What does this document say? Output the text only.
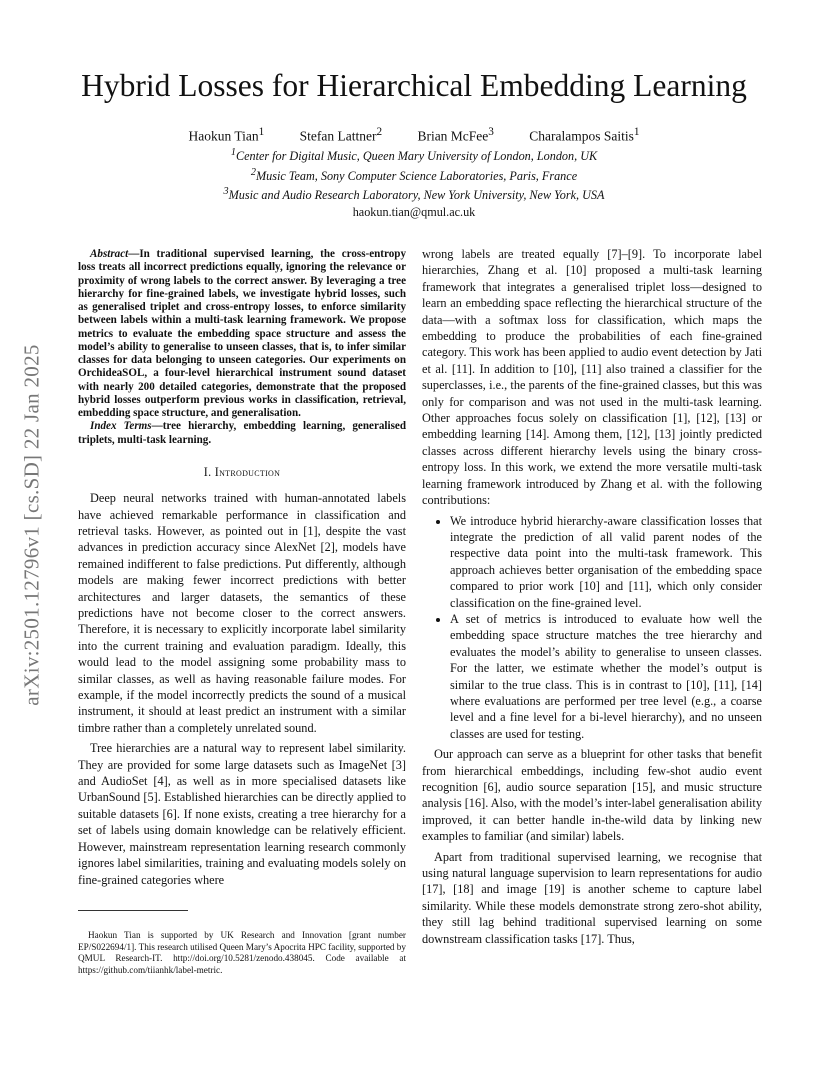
arXiv:2501.12796v1 [cs.SD] 22 Jan 2025
Hybrid Losses for Hierarchical Embedding Learning
Haokun Tian$^1$	Stefan Lattner$^2$	Brian McFee$^3$	Charalampos Saitis$^1$
$^1$Center for Digital Music, Queen Mary University of London, London, UK
$^2$Music Team, Sony Computer Science Laboratories, Paris, France
$^3$Music and Audio Research Laboratory, New York University, New York, USA
haokun.tian@qmul.ac.uk

Abstract—In traditional supervised learning, the cross-entropy loss treats all incorrect predictions equally, ignoring the relevance or proximity of wrong labels to the correct answer. By leveraging a tree hierarchy for fine-grained labels, we investigate hybrid losses, such as generalised triplet and cross-entropy losses, to enforce similarity between labels within a multi-task learning framework. We propose metrics to evaluate the embedding space structure and assess the model’s ability to generalise to unseen classes, that is, to infer similar classes for data belonging to unseen categories. Our experiments on OrchideaSOL, a four-level hierarchical instrument sound dataset with nearly 200 detailed categories, demonstrate that the proposed hybrid losses outperform previous works in classification, retrieval, embedding space structure, and generalisation.

Index Terms—tree hierarchy, embedding learning, generalised triplets, multi-task learning.

I. Introduction

Deep neural networks trained with human-annotated labels have achieved remarkable performance in classification and retrieval tasks. However, as pointed out in [1], despite the vast advances in prediction accuracy since AlexNet [2], models have remained indifferent to false predictions. Put differently, although models are making fewer incorrect predictions with better architectures and larger datasets, the semantics of these predictions have not become closer to the correct answers. Therefore, it is necessary to explicitly incorporate label similarity into the current training and evaluation paradigm. Ideally, this would lead to the model assigning some probability mass to similar classes, as well as having reasonable failure modes. For example, if the model incorrectly predicts the sound of a musical instrument, it should at least predict an instrument with a similar timbre rather than a completely unrelated sound.

Tree hierarchies are a natural way to represent label similarity. They are provided for some large datasets such as ImageNet [3] and AudioSet [4], as well as in more specialised datasets like UrbanSound [5]. Established hierarchies can be directly applied to suitable datasets [6]. If none exists, creating a tree hierarchy for a set of labels using domain knowledge can be relatively efficient. However, mainstream representation learning research commonly ignores label similarities, training and evaluating models solely on fine-grained categories where

Haokun Tian is supported by UK Research and Innovation [grant number EP/S022694/1]. This research utilised Queen Mary’s Apocrita HPC facility, supported by QMUL Research-IT. http://doi.org/10.5281/zenodo.438045. Code available at https://github.com/tiianhk/label-metric.

wrong labels are treated equally [7]–[9]. To incorporate label hierarchies, Zhang et al. [10] proposed a multi-task learning framework that integrates a generalised triplet loss—designed to learn an embedding space reflecting the hierarchical structure of the data—with a softmax loss for classification, which maps the embedding to produce the probabilities of each fine-grained category. This work has been applied to audio event detection by Jati et al. [11]. In addition to [10], [11] also trained a classifier for the superclasses, i.e., the parents of the fine-grained classes, but this was only for comparison and was not used in the multi-task learning. Other approaches focus solely on classification [1], [12], [13] or embedding learning [14]. Among them, [12], [13] jointly predicted classes across different hierarchy levels using the binary cross-entropy loss. In this work, we extend the more versatile multi-task learning framework introduced by Zhang et al. with the following contributions:

• We introduce hybrid hierarchy-aware classification losses that integrate the prediction of all valid parent nodes of the respective data point into the multi-task framework. This approach achieves better organisation of the embedding space compared to prior work [10] and [11], which only consider classification on the fine-grained level.
• A set of metrics is introduced to evaluate how well the embedding space structure matches the tree hierarchy and evaluates the model’s ability to generalise to unseen classes. For the latter, we estimate whether the model’s output is similar to the true class. This is in contrast to [10], [11], [14] where evaluations are performed per tree level (e.g., a coarse level and a fine level for a bi-level hierarchy), and no unseen classes are used for testing.

Our approach can serve as a blueprint for other tasks that benefit from hierarchical embeddings, including few-shot audio event recognition [6], audio source separation [15], and music structure analysis [16]. Also, with the model’s inter-label generalisation ability improved, it can better handle in-the-wild data by linking new examples to familiar (and similar) labels.

Apart from traditional supervised learning, we recognise that using natural language supervision to learn representations for audio [17], [18] and image [19] is another scheme to capture label similarity. While these models demonstrate strong zero-shot ability, they still lag behind traditional supervised learning on some downstream classification tasks [17]. Thus,
